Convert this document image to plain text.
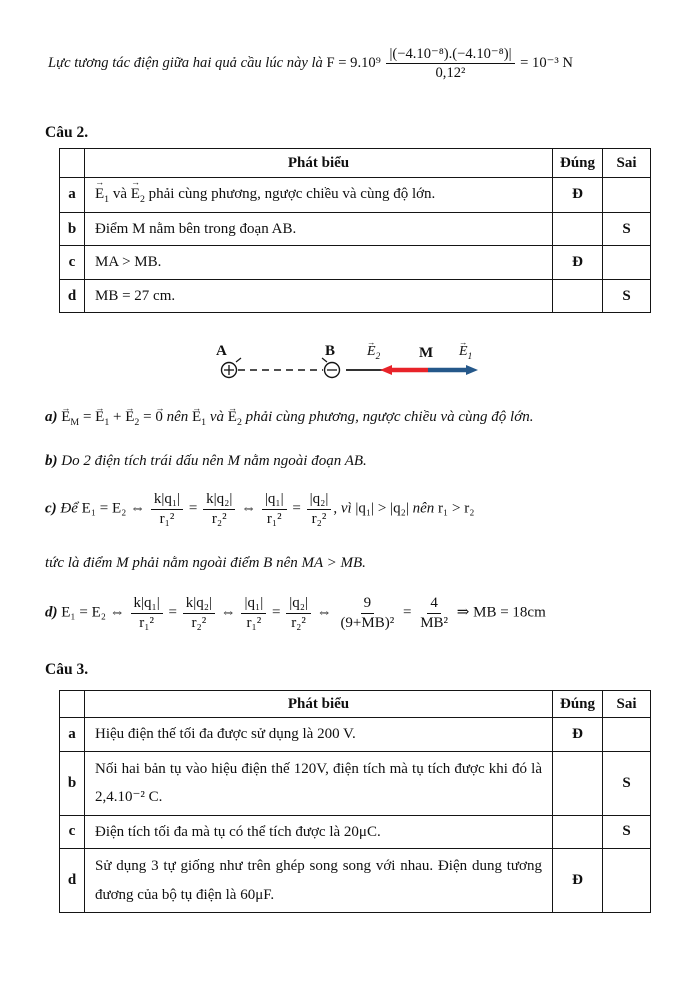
Lực tương tác điện giữa hai quả cầu lúc này là $F = 9.10^9 \frac{\text{|(−4.10⁻⁸).(−4.10⁻⁸)|}}{\text{0,12²}} = 10^{-3}$ N
Câu 2.
	Phát biểu	Đúng	Sai
a	→ $E_1$ và → $E_2$ phải cùng phương, ngược chiều và cùng độ lớn.	Đ	
b	Điểm M nằm bên trong đoạn AB.		S
c	MA > MB.	Đ	
d	MB = 27 cm.		S
A	$B \to E_2$	$M \to E_1$
$a) \to E_M$ = → $E_1$ + → $E_2$ = → 0 nên → $E_1$ và → $E_2$ phải cùng phương, ngược chiều và cùng độ lớn.
b) Do 2 điện tích trái dấu nên M nằm ngoài đoạn AB.
c) Để E₁ = E₂ ⇔ $\frac{\text{k|q₁|}}{\text{r₁²}} = \frac{\text{k|q₂|}}{\text{r₂²}}$ ⇔ $\frac{\text{|q₁|}}{\text{r₁²}} = \frac{\text{|q₂|}}{\text{r₂²}}$ , vì |q₁| > |q₂| nên r₁ > r₂
tức là điểm M phải nằm ngoài điểm B nên MA > MB.
d) E₁ = E₂ ⇔ $\frac{\text{k|q₁|}}{\text{r₁²}} = \frac{\text{k|q₂|}}{\text{r₂²}}$ ⇔ $\frac{\text{|q₁|}}{\text{r₁²}} = \frac{\text{|q₂|}}{\text{r₂²}}$ ⇔ $\frac{9}{\text{(9+MB)²}} = \frac{4}{\text{MB²}}$ ⇒ MB = 18cm
Câu 3.
	Phát biểu	Đúng	Sai
a	Hiệu điện thế tối đa được sử dụng là 200 V.	Đ	
b	Nối hai bản tụ vào hiệu điện thế 120V, điện tích mà tụ tích được khi đó là 2,4.10⁻² C.		S
c	Điện tích tối đa mà tụ có thể tích được là 20μC.		S
d	Sử dụng 3 tự giống như trên ghép song song với nhau. Điện dung tương đương của bộ tụ điện là 60μF.	Đ	
